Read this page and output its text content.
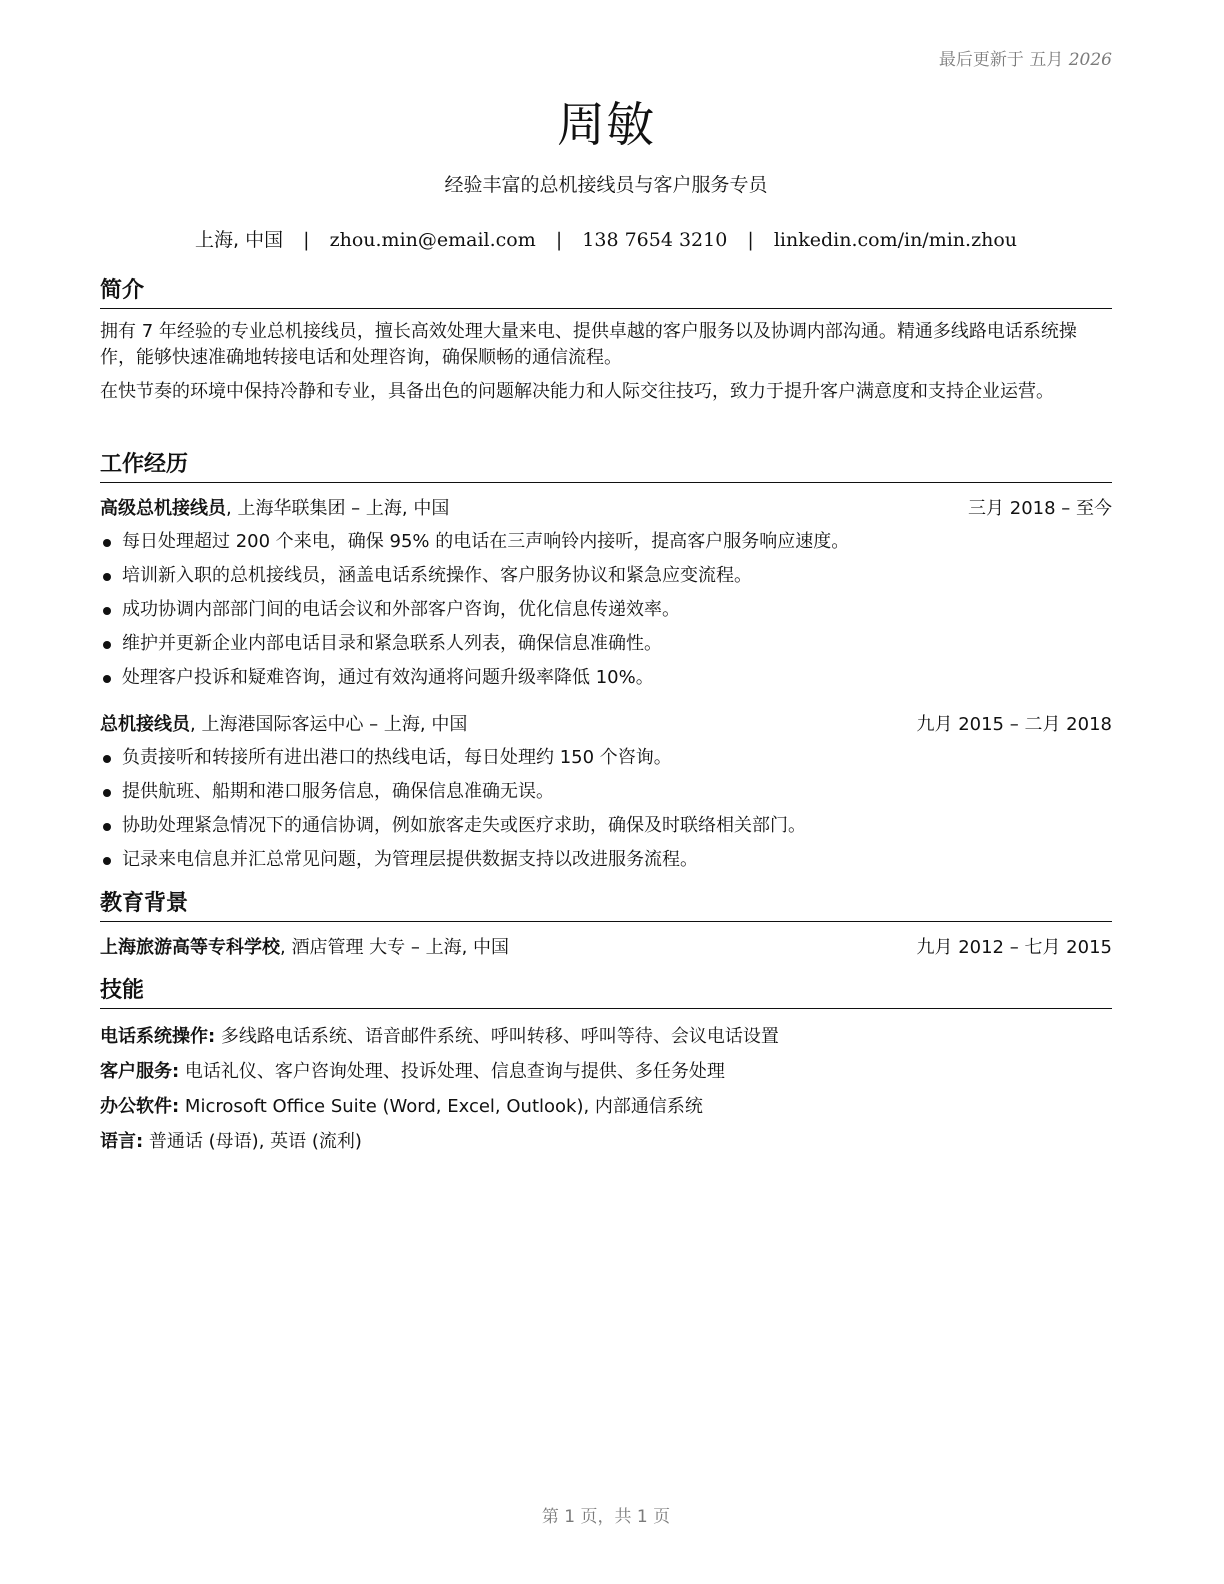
最后更新于 五月 2026
周敏
经验丰富的总机接线员与客户服务专员
上海, 中国 | zhou.min@email.com | 138 7654 3210 | linkedin.com/in/min.zhou
简介

拥有 7 年经验的专业总机接线员，擅长高效处理大量来电、提供卓越的客户服务以及协调内部沟通。精通多线路电话系统操作，能够快速准确地转接电话和处理咨询，确保顺畅的通信流程。

在快节奏的环境中保持冷静和专业，具备出色的问题解决能力和人际交往技巧，致力于提升客户满意度和支持企业运营。

工作经历
高级总机接线员, 上海华联集团 – 上海, 中国	三月 2018 – 至今
每日处理超过 200 个来电，确保 95% 的电话在三声响铃内接听，提高客户服务响应速度。
培训新入职的总机接线员，涵盖电话系统操作、客户服务协议和紧急应变流程。
成功协调内部部门间的电话会议和外部客户咨询，优化信息传递效率。
维护并更新企业内部电话目录和紧急联系人列表，确保信息准确性。
处理客户投诉和疑难咨询，通过有效沟通将问题升级率降低 10%。
总机接线员, 上海港国际客运中心 – 上海, 中国	九月 2015 – 二月 2018
负责接听和转接所有进出港口的热线电话，每日处理约 150 个咨询。
提供航班、船期和港口服务信息，确保信息准确无误。
协助处理紧急情况下的通信协调，例如旅客走失或医疗求助，确保及时联络相关部门。
记录来电信息并汇总常见问题，为管理层提供数据支持以改进服务流程。
教育背景
上海旅游高等专科学校, 酒店管理 大专 – 上海, 中国	九月 2012 – 七月 2015
技能
电话系统操作: 多线路电话系统、语音邮件系统、呼叫转移、呼叫等待、会议电话设置
客户服务: 电话礼仪、客户咨询处理、投诉处理、信息查询与提供、多任务处理
办公软件: Microsoft Office Suite (Word, Excel, Outlook), 内部通信系统
语言: 普通话 (母语), 英语 (流利)
第 1 页，共 1 页
